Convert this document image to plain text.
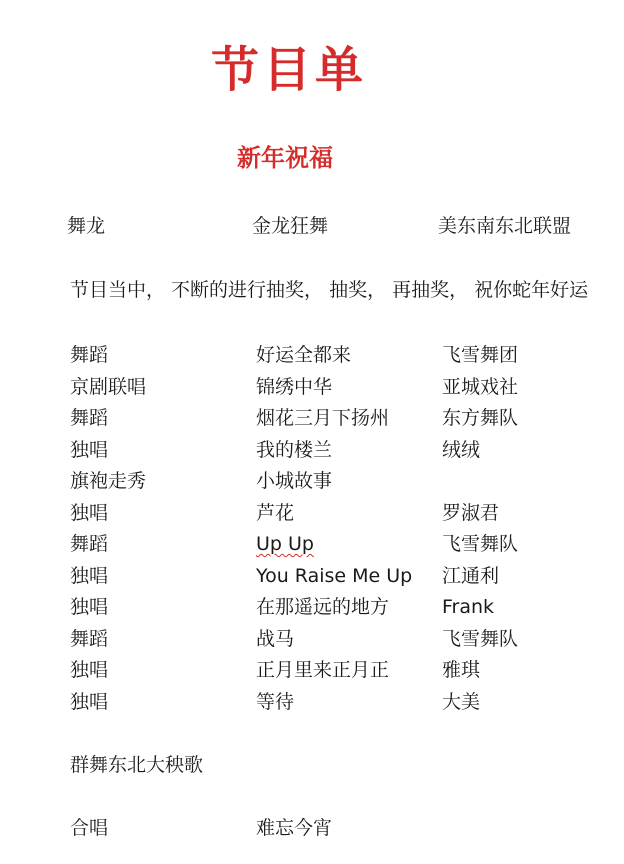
节目单
新年祝福
舞龙	金龙狂舞	美东南东北联盟
节目当中， 不断的进行抽奖， 抽奖， 再抽奖， 祝你蛇年好运
舞蹈	好运全都来	飞雪舞团
京剧联唱	锦绣中华	亚城戏社
舞蹈	烟花三月下扬州	东方舞队
独唱	我的楼兰	绒绒
旗袍走秀	小城故事
独唱	芦花	罗淑君
舞蹈	Up Up	飞雪舞队
独唱	You Raise Me Up 江通利
独唱	在那遥远的地方	Frank
舞蹈	战马	飞雪舞队
独唱	正月里来正月正	雅琪
独唱	等待	大美
群舞东北大秧歌
合唱	难忘今宵
